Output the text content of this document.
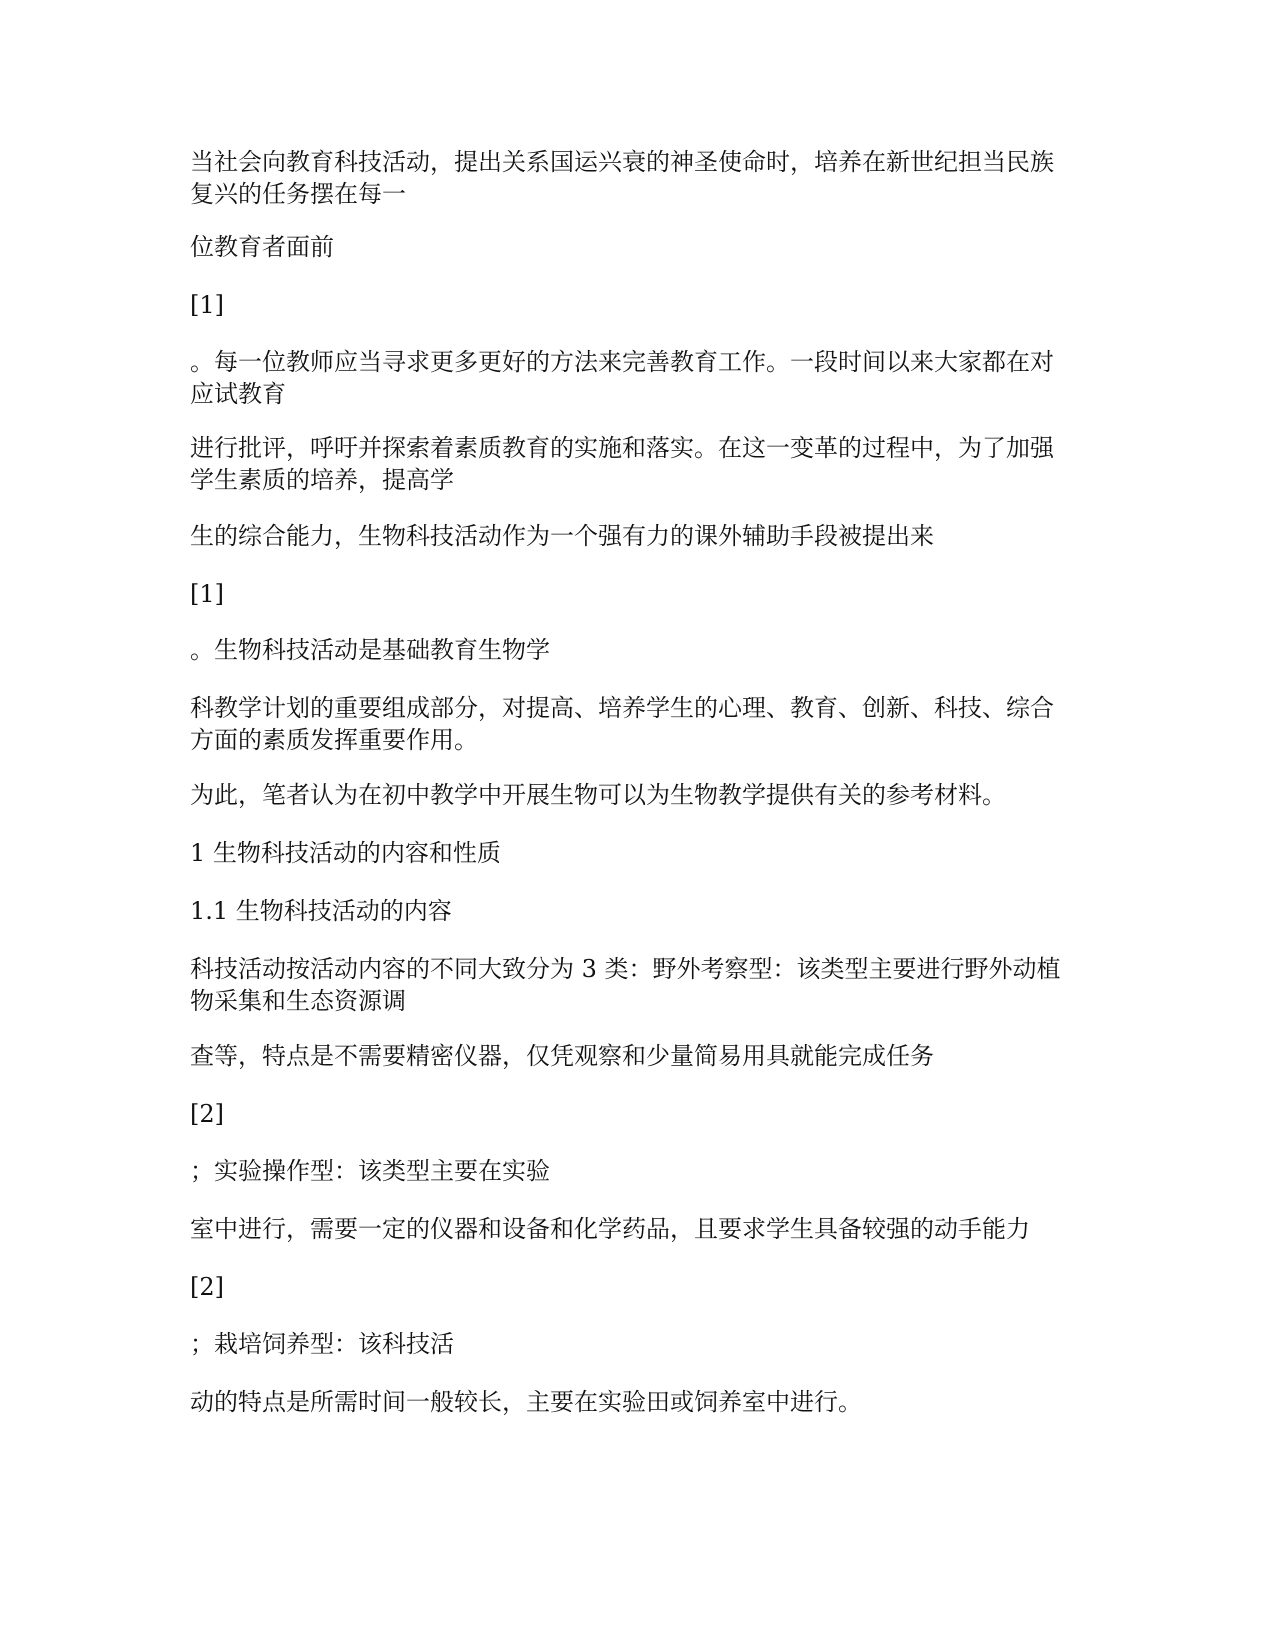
当社会向教育科技活动，提出关系国运兴衰的神圣使命时，培养在新世纪担当民族
复兴的任务摆在每一

位教育者面前

[1]

。每一位教师应当寻求更多更好的方法来完善教育工作。一段时间以来大家都在对
应试教育

进行批评，呼吁并探索着素质教育的实施和落实。在这一变革的过程中，为了加强
学生素质的培养，提高学

生的综合能力，生物科技活动作为一个强有力的课外辅助手段被提出来

[1]

。生物科技活动是基础教育生物学

科教学计划的重要组成部分，对提高、培养学生的心理、教育、创新、科技、综合
方面的素质发挥重要作用。

为此，笔者认为在初中教学中开展生物可以为生物教学提供有关的参考材料。

1 生物科技活动的内容和性质

1.1 生物科技活动的内容

科技活动按活动内容的不同大致分为 3 类：野外考察型：该类型主要进行野外动植
物采集和生态资源调

查等，特点是不需要精密仪器，仅凭观察和少量简易用具就能完成任务

[2]

；实验操作型：该类型主要在实验

室中进行，需要一定的仪器和设备和化学药品，且要求学生具备较强的动手能力

[2]

；栽培饲养型：该科技活

动的特点是所需时间一般较长，主要在实验田或饲养室中进行。
